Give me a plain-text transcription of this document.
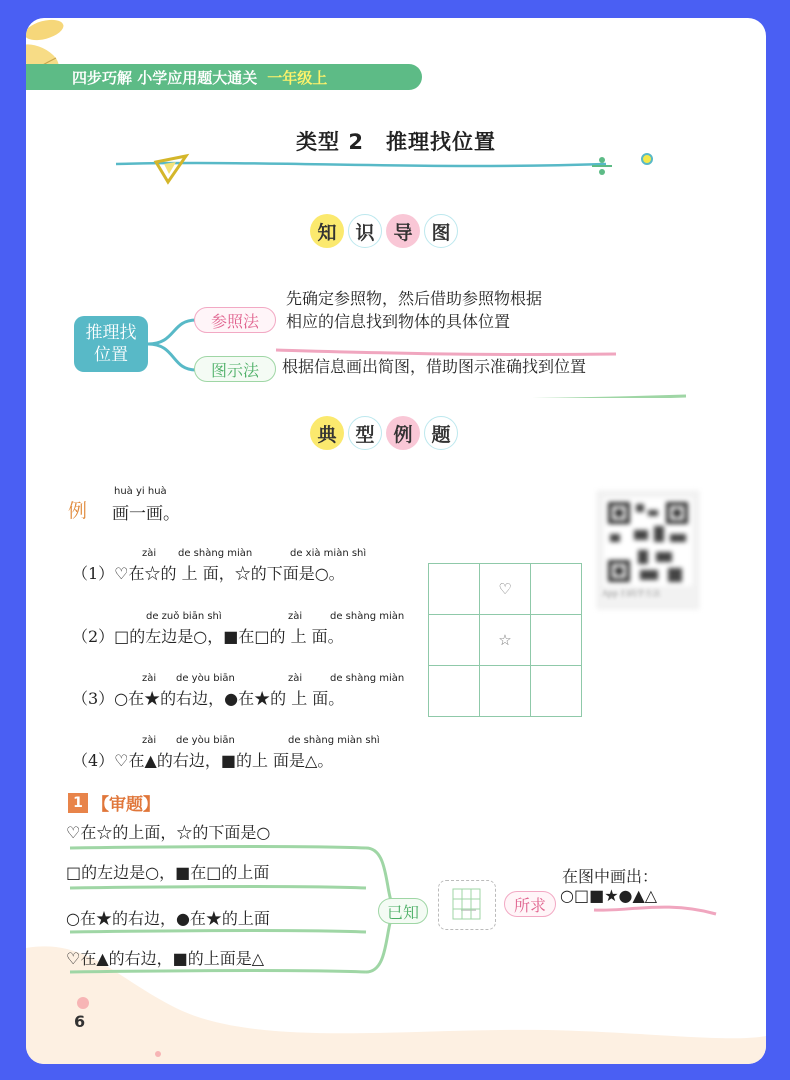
四步巧解 小学应用题大通关 一年级上
类型 2　推理找位置
知 识 导 图
推理找
位置
参照法
图示法
先确定参照物，然后借助参照物根据
相应的信息找到物体的具体位置
根据信息画出简图，借助图示准确找到位置
典 型 例 题
例
huà yi huà
画一画。
zài de shàng miàn	de xià miàn shì
（1）♡在☆的 上 面，☆的下面是○。
de zuǒ biān shì	zài	de shàng miàn
（2）□的左边是○，■在□的 上 面。
zài de yòu biān	zài	de shàng miàn
（3）○在★的右边，●在★的 上 面。
zài de yòu biān	de shàng miàn shì
（4）♡在▲的右边，■的上 面是△。
App 扫码学方法
	♡	
	☆	

1 【审题】
♡在☆的上面，☆的下面是○
□的左边是○，■在□的上面
○在★的右边，●在★的上面
♡在▲的右边，■的上面是△
已知	所求
在图中画出：
○□■★●▲△
6
